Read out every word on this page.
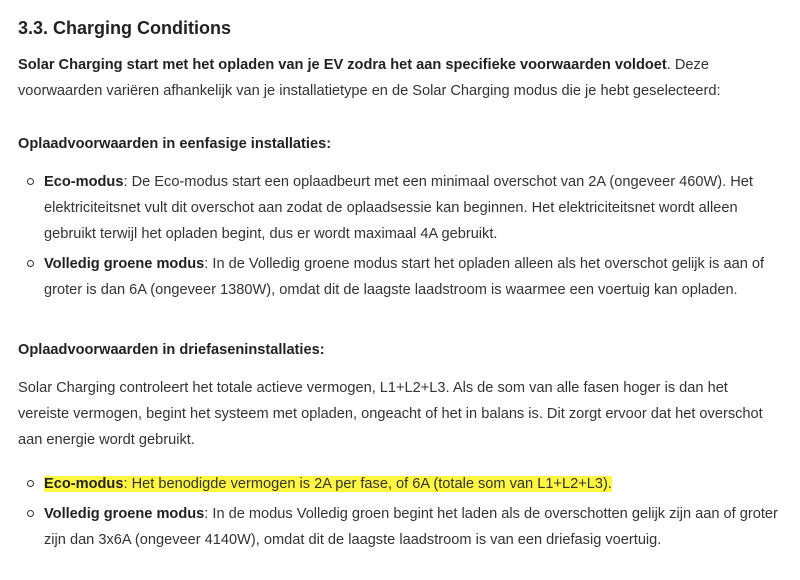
3.3. Charging Conditions

Solar Charging start met het opladen van je EV zodra het aan specifieke voorwaarden voldoet. Deze voorwaarden variëren afhankelijk van je installatietype en de Solar Charging modus die je hebt geselecteerd:

Oplaadvoorwaarden in eenfasige installaties:
Eco-modus: De Eco-modus start een oplaadbeurt met een minimaal overschot van 2A (ongeveer 460W). Het elektriciteitsnet vult dit overschot aan zodat de oplaadsessie kan beginnen. Het elektriciteitsnet wordt alleen gebruikt terwijl het opladen begint, dus er wordt maximaal 4A gebruikt.
Volledig groene modus: In de Volledig groene modus start het opladen alleen als het overschot gelijk is aan of groter is dan 6A (ongeveer 1380W), omdat dit de laagste laadstroom is waarmee een voertuig kan opladen.
Oplaadvoorwaarden in driefaseninstallaties:

Solar Charging controleert het totale actieve vermogen, L1+L2+L3. Als de som van alle fasen hoger is dan het vereiste vermogen, begint het systeem met opladen, ongeacht of het in balans is. Dit zorgt ervoor dat het overschot aan energie wordt gebruikt.

Eco-modus: Het benodigde vermogen is 2A per fase, of 6A (totale som van L1+L2+L3).
Volledig groene modus: In de modus Volledig groen begint het laden als de overschotten gelijk zijn aan of groter zijn dan 3x6A (ongeveer 4140W), omdat dit de laagste laadstroom is van een driefasig voertuig.
